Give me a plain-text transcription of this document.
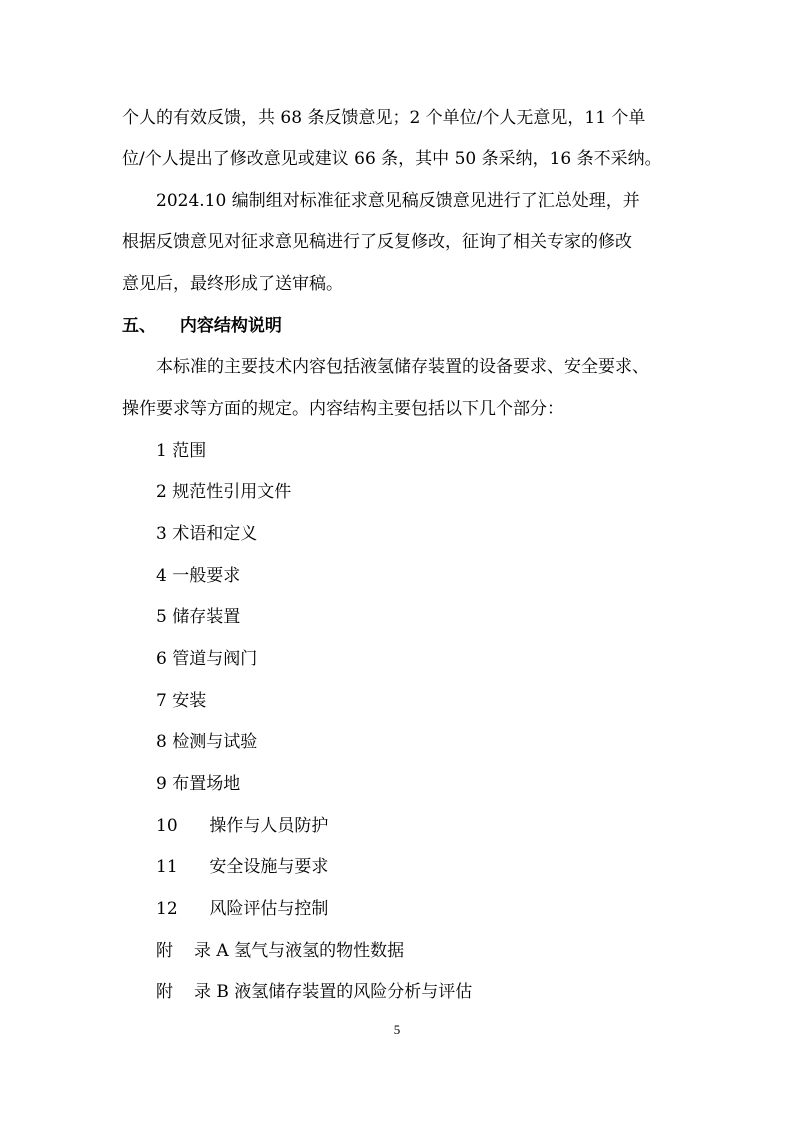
个人的有效反馈，共 68 条反馈意见；2 个单位/个人无意见，11 个单
位/个人提出了修改意见或建议 66 条，其中 50 条采纳，16 条不采纳。
2024.10 编制组对标准征求意见稿反馈意见进行了汇总处理，并
根据反馈意见对征求意见稿进行了反复修改，征询了相关专家的修改
意见后，最终形成了送审稿。
五、 内容结构说明
本标准的主要技术内容包括液氢储存装置的设备要求、安全要求、
操作要求等方面的规定。内容结构主要包括以下几个部分：
1 范围
2 规范性引用文件
3 术语和定义
4 一般要求
5 储存装置
6 管道与阀门
7 安装
8 检测与试验
9 布置场地
10 操作与人员防护
11 安全设施与要求
12 风险评估与控制
附 录 A 氢气与液氢的物性数据
附 录 B 液氢储存装置的风险分析与评估
5
